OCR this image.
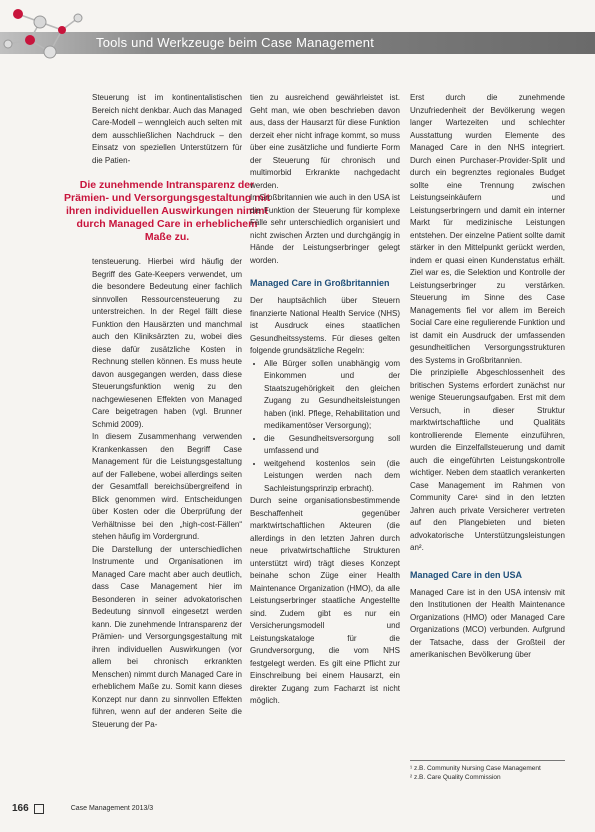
Tools und Werkzeuge beim Case Management

Steuerung ist im kontinentalistischen Bereich nicht denkbar. Auch das Managed Care-Modell – wenngleich auch selten mit dem ausschließlichen Nachdruck – den Einsatz von speziellen Unterstützern für die Patien-

Die zunehmende Intransparenz der Prämien- und Versorgungsgestaltung mit ihren individuellen Auswirkungen nimmt durch Managed Care in erheblichem Maße zu.

tensteuerung. Hierbei wird häufig der Begriff des Gate-Keepers verwendet, um die besondere Bedeutung einer fachlich sinnvollen Ressourcensteuerung zu unterstreichen. In der Regel fällt diese Funktion den Hausärzten und manchmal auch den Kliniksärzten zu, wobei dies diese dafür zusätzliche Kosten in Rechnung stellen können. Es muss heute davon ausgegangen werden, dass diese Steuerungsfunktion wenig zu den nachgewiesenen Effekten von Managed Care beigetragen haben (vgl. Brunner Schmid 2009).

In diesem Zusammenhang verwenden Krankenkassen den Begriff Case Management für die Leistungsgestaltung auf der Fallebene, wobei allerdings seiten der Gesamtfall bereichsübergreifend in Blick genommen wird. Entscheidungen über Kosten oder die Überprüfung der Verhältnisse bei den „high-cost-Fällen“ stehen häufig im Vordergrund.

Die Darstellung der unterschiedlichen Instrumente und Organisationen im Managed Care macht aber auch deutlich, dass Case Management hier im Besonderen in seiner advokatorischen Bedeutung sinnvoll eingesetzt werden kann. Die zunehmende Intransparenz der Prämien- und Versorgungsgestaltung mit ihren individuellen Auswirkungen (vor allem bei chronisch erkrankten Menschen) nimmt durch Managed Care in erheblichem Maße zu. Somit kann dieses Konzept nur dann zu sinnvollen Effekten führen, wenn auf der anderen Seite die Steuerung der Pa-

tien zu ausreichend gewährleistet ist. Geht man, wie oben beschrieben davon aus, dass der Hausarzt für diese Funktion derzeit eher nicht infrage kommt, so muss über eine zusätzliche und fundierte Form der Steuerung für chronisch und multimorbid Erkrankte nachgedacht werden.

In Großbritannien wie auch in den USA ist die Funktion der Steuerung für komplexe Fälle sehr unterschiedlich organisiert und nicht zwischen Ärzten und durchgängig in Hände der Leistungserbringer gelegt worden.

Managed Care in Großbritannien

Der hauptsächlich über Steuern finanzierte National Health Service (NHS) ist Ausdruck eines staatlichen Gesundheitssystems. Für dieses gelten folgende grundsätzliche Regeln:

• Alle Bürger sollen unabhängig vom Einkommen und der Staatszugehörigkeit den gleichen Zugang zu Gesundheitsleistungen haben (inkl. Pflege, Rehabilitation und medikamentöser Versorgung);
• die Gesundheitsversorgung soll umfassend und
• weitgehend kostenlos sein (die Leistungen werden nach dem Sachleistungsprinzip erbracht).

Durch seine organisationsbestimmende Beschaffenheit gegenüber marktwirtschaftlichen Akteuren (die allerdings in den letzten Jahren durch neue privatwirtschaftliche Strukturen unterstützt wird) trägt dieses Konzept beinahe schon Züge einer Health Maintenance Organization (HMO), da alle Leistungserbringer staatliche Angestellte sind. Zudem gibt es nur ein Versicherungsmodell und Leistungskataloge für die Grundversorgung, die vom NHS festgelegt werden. Es gilt eine Pflicht zur Einschreibung bei einem Hausarzt, ein direkter Zugang zum Facharzt ist nicht möglich.

Erst durch die zunehmende Unzufriedenheit der Bevölkerung wegen langer Wartezeiten und schlechter Ausstattung wurden Elemente des Managed Care in den NHS integriert. Durch einen Purchaser-Provider-Split und durch ein begrenztes regionales Budget sollte eine Trennung zwischen Leistungseinkäufern und Leistungserbringern und damit ein interner Markt für medizinische Leistungen entstehen. Der einzelne Patient sollte damit stärker in den Mittelpunkt gerückt werden, indem er quasi einen Kundenstatus erhält. Ziel war es, die Selektion und Kontrolle der Leistungserbringer zu verstärken. Steuerung im Sinne des Case Managements fiel vor allem im Bereich Social Care eine regulierende Funktion und ist damit ein Ausdruck der umfassenden gesundheitlichen Versorgungsstrukturen des Systems in Großbritannien.

Die prinzipielle Abgeschlossenheit des britischen Systems erfordert zunächst nur wenige Steuerungsaufgaben. Erst mit dem Versuch, in dieser Struktur marktwirtschaftliche und Qualitäts kontrollierende Elemente einzuführen, wurden die Einzelfallsteuerung und damit auch die eingeführten Leistungskontrolle wichtiger. Neben dem staatlich verankerten Case Management im Rahmen von Community Care¹ sind in den letzten Jahren auch private Versicherer vertreten auf den Plangebieten und bieten advokatorische Unterstützungsleistungen an².

Managed Care in den USA

Managed Care ist in den USA intensiv mit den Institutionen der Health Maintenance Organizations (HMO) oder Managed Care Organizations (MCO) verbunden. Aufgrund der Tatsache, dass der Großteil der amerikanischen Bevölkerung über

¹ z.B. Community Nursing Case Management
² z.B. Care Quality Commission
166	Case Management 2013/3
